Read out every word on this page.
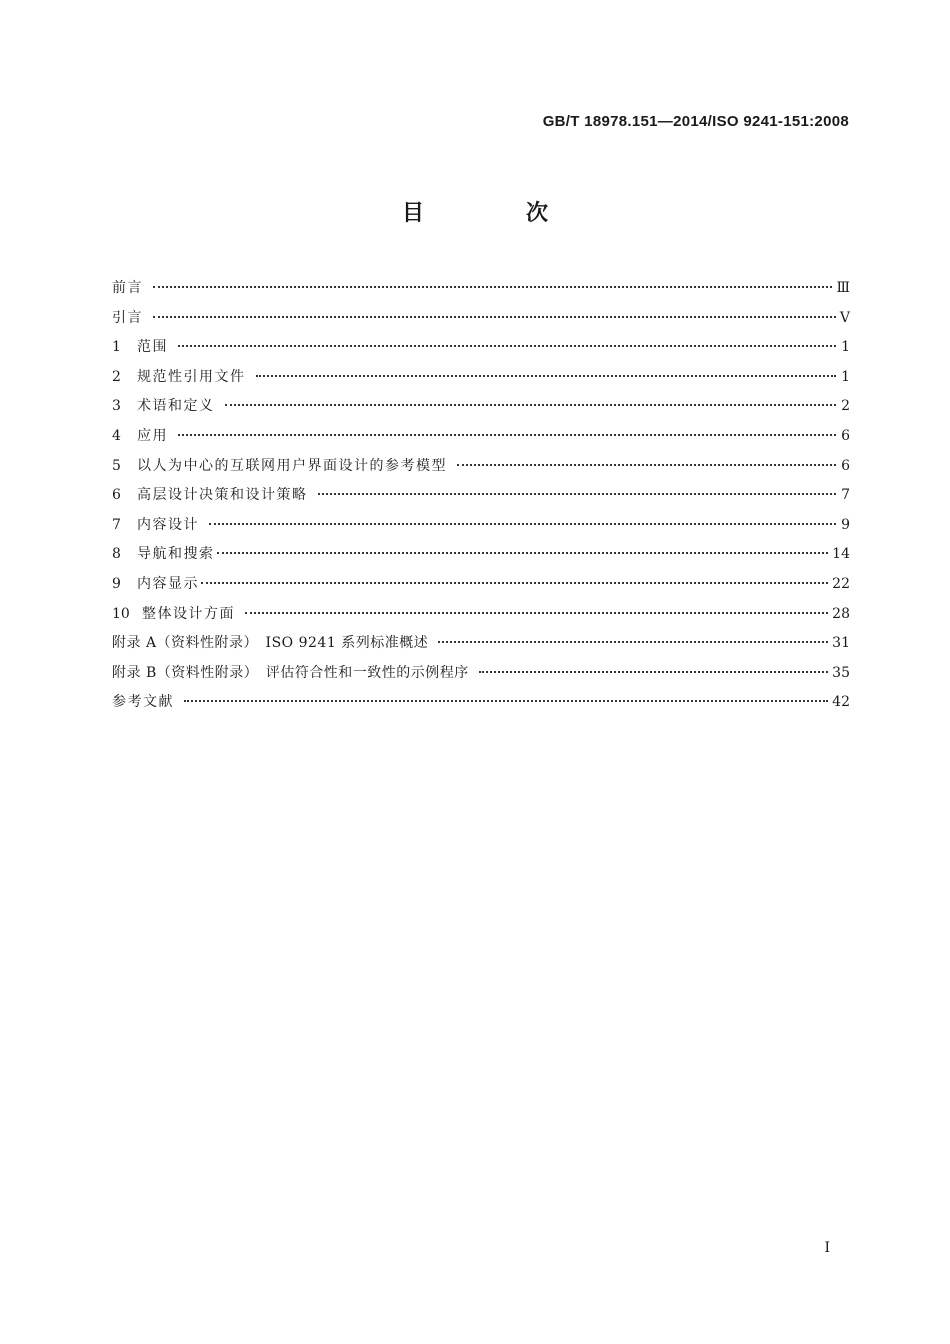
GB/T 18978.151—2014/ISO 9241-151:2008
目　次
前言	Ⅲ
引言	Ⅴ
1	范围	1
2	规范性引用文件	1
3	术语和定义	2
4	应用	6
5	以人为中心的互联网用户界面设计的参考模型	6
6	高层设计决策和设计策略	7
7	内容设计	9
8	导航和搜索	14
9	内容显示	22
10 整体设计方面	28
附录 A（资料性附录）　ISO 9241 系列标准概述	31
附录 B（资料性附录）　评估符合性和一致性的示例程序	35
参考文献	42
I
